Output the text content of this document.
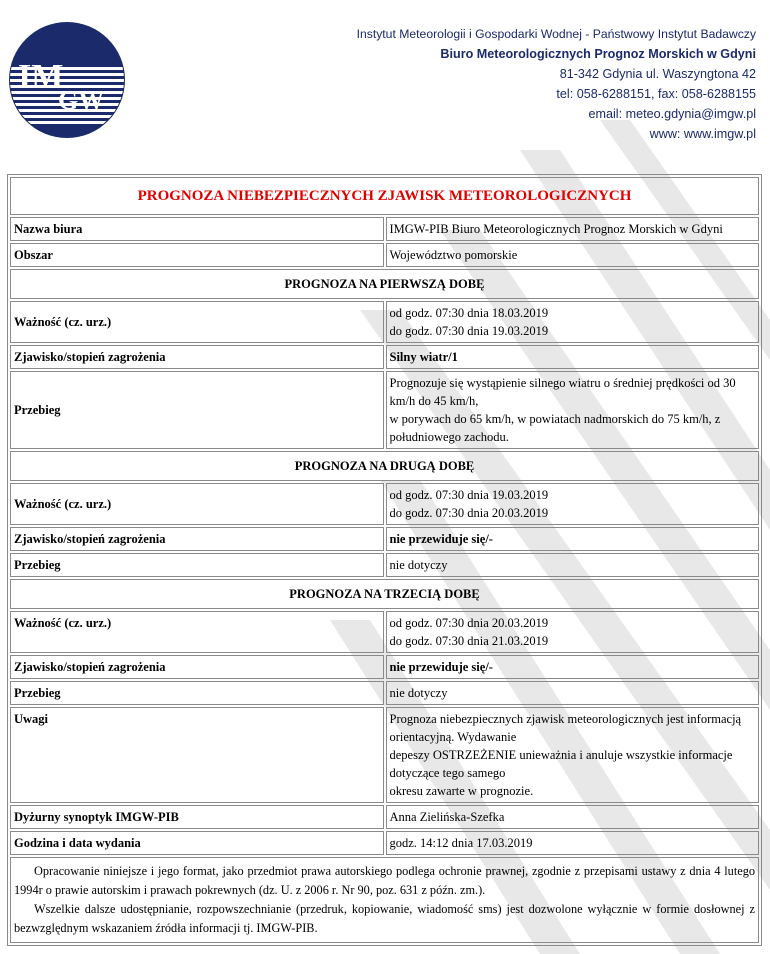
IM
GW
Instytut Meteorologii i Gospodarki Wodnej - Państwowy Instytut Badawczy
Biuro Meteorologicznych Prognoz Morskich w Gdyni
81-342 Gdynia ul. Waszyngtona 42
tel: 058-6288151, fax: 058-6288155
email: meteo.gdynia@imgw.pl
www: www.imgw.pl
PROGNOZA NIEBEZPIECZNYCH ZJAWISK METEOROLOGICZNYCH	
Nazwa biura	IMGW-PIB Biuro Meteorologicznych Prognoz Morskich w Gdyni
Obszar	Województwo pomorskie
PROGNOZA NA PIERWSZĄ DOBĘ	
Ważność (cz. urz.)	od godz. 07:30 dnia 18.03.2019
do godz. 07:30 dnia 19.03.2019

Zjawisko/stopień zagrożenia	Silny wiatr/1
Przebieg	Prognozuje się wystąpienie silnego wiatru o średniej prędkości od 30 km/h do 45 km/h,
w porywach do 65 km/h, w powiatach nadmorskich do 75 km/h, z południowego zachodu.

PROGNOZA NA DRUGĄ DOBĘ	
Ważność (cz. urz.)	od godz. 07:30 dnia 19.03.2019
do godz. 07:30 dnia 20.03.2019

Zjawisko/stopień zagrożenia	nie przewiduje się/-
Przebieg	nie dotyczy
PROGNOZA NA TRZECIĄ DOBĘ	
Ważność (cz. urz.)	od godz. 07:30 dnia 20.03.2019
do godz. 07:30 dnia 21.03.2019

Zjawisko/stopień zagrożenia	nie przewiduje się/-
Przebieg	nie dotyczy
Uwagi	Prognoza niebezpiecznych zjawisk meteorologicznych jest informacją orientacyjną. Wydawanie
depeszy OSTRZEŻENIE unieważnia i anuluje wszystkie informacje dotyczące tego samego
okresu zawarte w prognozie.

Dyżurny synoptyk IMGW-PIB	Anna Zielińska-Szefka
Godzina i data wydania	godz. 14:12 dnia 17.03.2019

Opracowanie niniejsze i jego format, jako przedmiot prawa autorskiego podlega ochronie prawnej, zgodnie z przepisami ustawy z dnia 4 lutego 1994r o prawie autorskim i prawach pokrewnych (dz. U. z 2006 r. Nr 90, poz. 631 z późn. zm.).

Wszelkie dalsze udostępnianie, rozpowszechnianie (przedruk, kopiowanie, wiadomość sms) jest dozwolone wyłącznie w formie dosłownej z bezwzględnym wskazaniem źródła informacji tj. IMGW-PIB.	
